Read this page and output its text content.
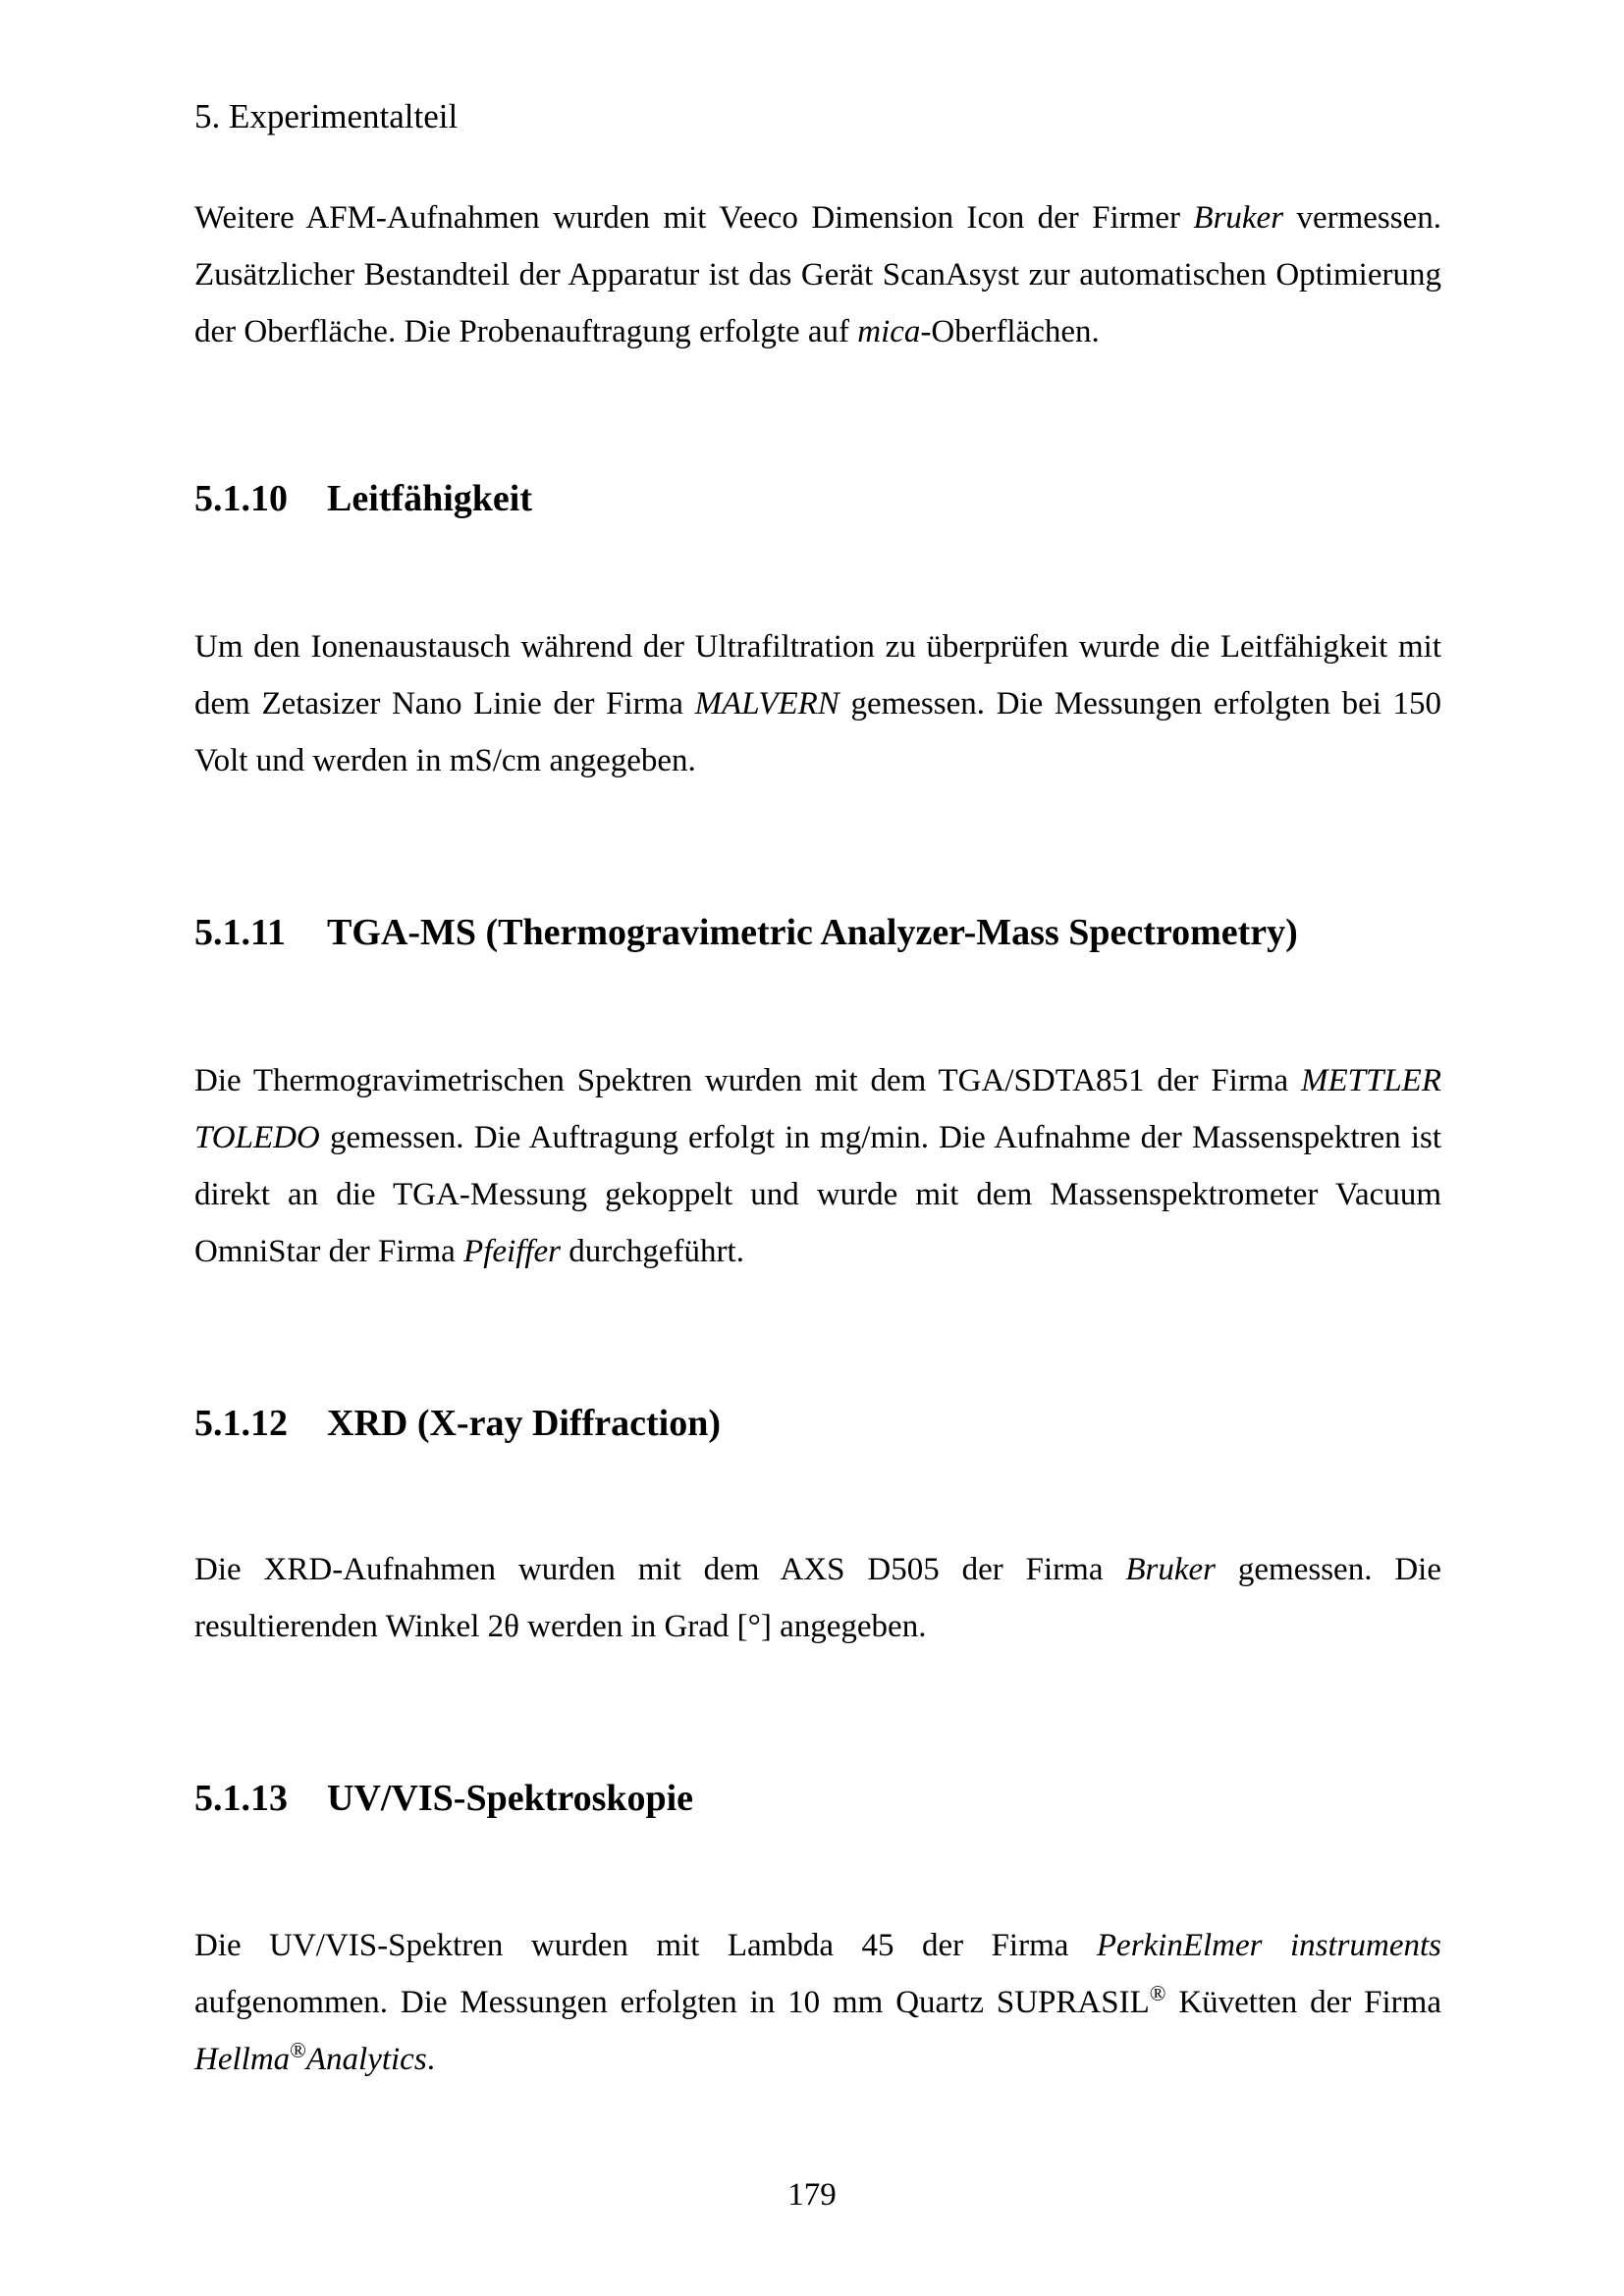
5. Experimentalteil

Weitere AFM-Aufnahmen wurden mit Veeco Dimension Icon der Firmer Bruker vermessen. Zusätzlicher Bestandteil der Apparatur ist das Gerät ScanAsyst zur automatischen Optimierung der Oberfläche. Die Probenauftragung erfolgte auf mica-Oberflächen.

5.1.10 Leitfähigkeit

Um den Ionenaustausch während der Ultrafiltration zu überprüfen wurde die Leitfähigkeit mit dem Zetasizer Nano Linie der Firma MALVERN gemessen. Die Messungen erfolgten bei 150 Volt und werden in mS/cm angegeben.

5.1.11 TGA-MS (Thermogravimetric Analyzer-Mass Spectrometry)

Die Thermogravimetrischen Spektren wurden mit dem TGA/SDTA851 der Firma METTLER TOLEDO gemessen. Die Auftragung erfolgt in mg/min. Die Aufnahme der Massenspektren ist direkt an die TGA-Messung gekoppelt und wurde mit dem Massenspektrometer Vacuum OmniStar der Firma Pfeiffer durchgeführt.

5.1.12 XRD (X-ray Diffraction)

Die XRD-Aufnahmen wurden mit dem AXS D505 der Firma Bruker gemessen. Die resultierenden Winkel 2θ werden in Grad [°] angegeben.

5.1.13 UV/VIS-Spektroskopie

Die UV/VIS-Spektren wurden mit Lambda 45 der Firma PerkinElmer instruments aufgenommen. Die Messungen erfolgten in 10 mm Quartz SUPRASIL® Küvetten der Firma Hellma®Analytics.

179
